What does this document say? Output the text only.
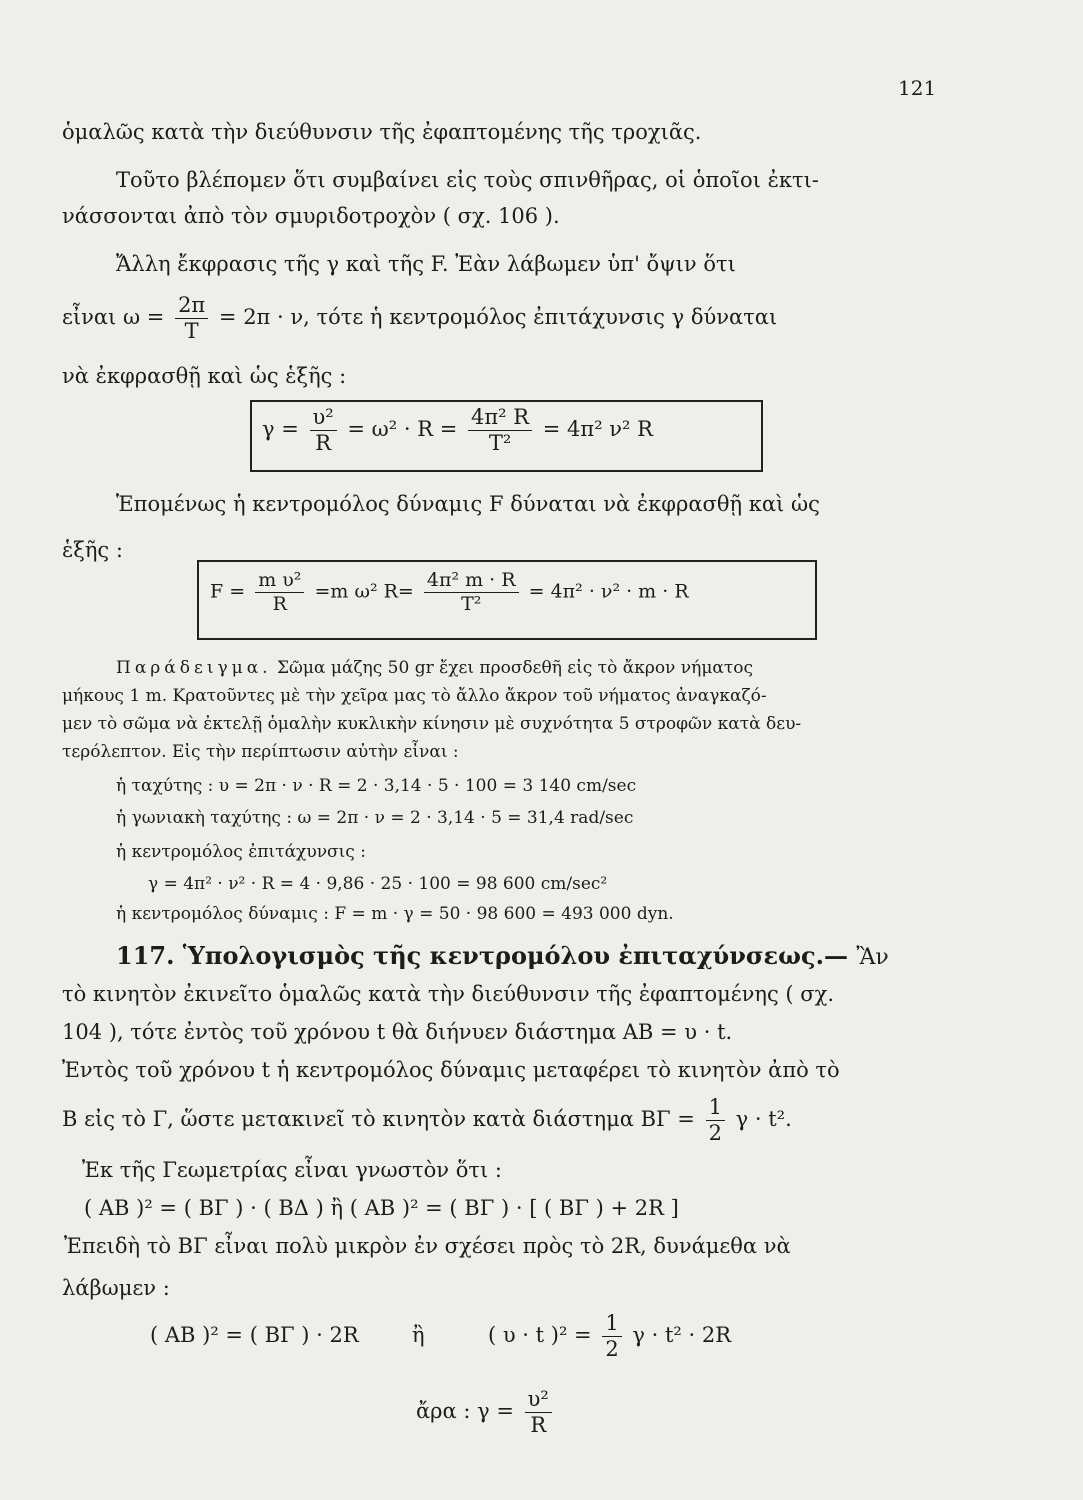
121
ὁμαλῶς κατὰ τὴν διεύθυνσιν τῆς ἐφαπτομένης τῆς τροχιᾶς.
Τοῦτο βλέπομεν ὅτι συμβαίνει εἰς τοὺς σπινθῆρας, οἱ ὁποῖοι ἐκτι-
νάσσονται ἀπὸ τὸν σμυριδοτροχὸν ( σχ. 106 ).
Ἄλλη ἔκφρασις τῆς γ καὶ τῆς F. Ἐὰν λάβωμεν ὑπ' ὄψιν ὅτι
εἶναι $\omega = \frac{2\pi}{T} = 2\pi \cdot \nu$, τότε ἡ κεντρομόλος ἐπιτάχυνσις γ δύναται
νὰ ἐκφρασθῇ καὶ ὡς ἑξῆς :
$\gamma = \frac{\text{υ²}}{R} = \omega^2 \cdot R = \frac{\text{4π² R}}{\text{T²}} = 4\pi^2$ ν² R
Ἑπομένως ἡ κεντρομόλος δύναμις F δύναται νὰ ἐκφρασθῇ καὶ ὡς
ἑξῆς :
$F = \frac{\text{m υ²}}{R} =m$ ω² $R= \frac{\text{4π² m · R}}{\text{T²}} = 4\pi^2 \cdot \nu^2 \cdot m \cdot R$
Παράδειγμα. Σῶμα μάζης 50 gr ἔχει προσδεθῆ εἰς τὸ ἄκρον νήματος
μήκους 1 m. Κρατοῦντες μὲ τὴν χεῖρα μας τὸ ἄλλο ἄκρον τοῦ νήματος ἀναγκαζό-
μεν τὸ σῶμα νὰ ἐκτελῇ ὁμαλὴν κυκλικὴν κίνησιν μὲ συχνότητα 5 στροφῶν κατὰ δευ-
τερόλεπτον. Εἰς τὴν περίπτωσιν αὐτὴν εἶναι :
ἡ ταχύτης : υ = 2π · ν · R = 2 · 3,14 · 5 · 100 = 3 140 cm/sec
ἡ γωνιακὴ ταχύτης : ω = 2π · ν = 2 · 3,14 · 5 = 31,4 rad/sec
ἡ κεντρομόλος ἐπιτάχυνσις :
γ = 4π² · ν² · R = 4 · 9,86 · 25 · 100 = 98 600 cm/sec²
ἡ κεντρομόλος δύναμις : F = m · γ = 50 · 98 600 = 493 000 dyn.
117. Ὑπολογισμὸς τῆς κεντρομόλου ἐπιταχύνσεως.— Ἂν
τὸ κινητὸν ἐκινεῖτο ὁμαλῶς κατὰ τὴν διεύθυνσιν τῆς ἐφαπτομένης ( σχ.
104 ), τότε ἐντὸς τοῦ χρόνου t θὰ διήνυεν διάστημα AB = υ · t.
Ἐντὸς τοῦ χρόνου t ἡ κεντρομόλος δύναμις μεταφέρει τὸ κινητὸν ἀπὸ τὸ
B εἰς τὸ Γ, ὥστε μετακινεῖ τὸ κινητὸν κατὰ διάστημα $B\Gamma = \frac{1}{2}$ γ · t².
Ἐκ τῆς Γεωμετρίας εἶναι γνωστὸν ὅτι :
( AB )² = ( BΓ ) · ( BΔ ) ἢ ( AB )² = ( BΓ ) · [ ( BΓ ) + 2R ]
Ἐπειδὴ τὸ BΓ εἶναι πολὺ μικρὸν ἐν σχέσει πρὸς τὸ 2R, δυνάμεθα νὰ
λάβωμεν :
( AB )² = ( BΓ ) · 2R	ἢ	( υ · t )$^2 = \frac{1}{2}$ γ · t² · 2R
ἄρα : $\gamma = \frac{\text{υ²}}{R}$
